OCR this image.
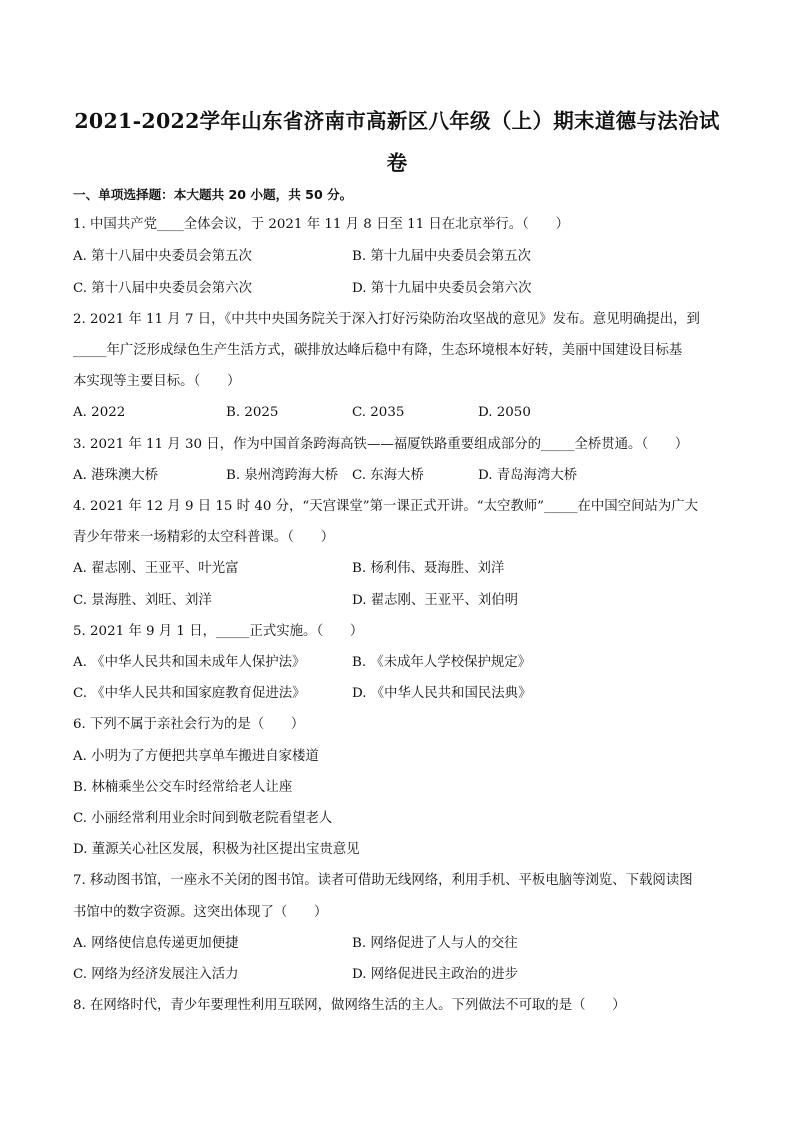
2021-2022学年山东省济南市高新区八年级（上）期末道德与法治试
卷
一、单项选择题：本大题共 20 小题，共 50 分。
1. 中国共产党____全体会议，于 2021 年 11 月 8 日至 11 日在北京举行。（　　）
A. 第十八届中央委员会第五次	B. 第十九届中央委员会第五次
C. 第十八届中央委员会第六次	D. 第十九届中央委员会第六次
2. 2021 年 11 月 7 日，《中共中央国务院关于深入打好污染防治攻坚战的意见》发布。意见明确提出，到
_____年广泛形成绿色生产生活方式，碳排放达峰后稳中有降，生态环境根本好转，美丽中国建设目标基
本实现等主要目标。（　　）
A. 2022	B. 2025	C. 2035	D. 2050
3. 2021 年 11 月 30 日，作为中国首条跨海高铁——福厦铁路重要组成部分的_____全桥贯通。（　　）
A. 港珠澳大桥	B. 泉州湾跨海大桥 C. 东海大桥	D. 青岛海湾大桥
4. 2021 年 12 月 9 日 15 时 40 分，“天宫课堂”第一课正式开讲。“太空教师”_____在中国空间站为广大
青少年带来一场精彩的太空科普课。（　　）
A. 翟志刚、王亚平、叶光富	B. 杨利伟、聂海胜、刘洋
C. 景海胜、刘旺、刘洋	D. 翟志刚、王亚平、刘伯明
5. 2021 年 9 月 1 日，_____正式实施。（　　）
A. 《中华人民共和国未成年人保护法》	B. 《未成年人学校保护规定》
C. 《中华人民共和国家庭教育促进法》	D. 《中华人民共和国民法典》
6. 下列不属于亲社会行为的是（　　）
A. 小明为了方便把共享单车搬进自家楼道
B. 林楠乘坐公交车时经常给老人让座
C. 小丽经常利用业余时间到敬老院看望老人
D. 董源关心社区发展，积极为社区提出宝贵意见
7. 移动图书馆，一座永不关闭的图书馆。读者可借助无线网络，利用手机、平板电脑等浏览、下载阅读图
书馆中的数字资源。这突出体现了（　　）
A. 网络使信息传递更加便捷	B. 网络促进了人与人的交往
C. 网络为经济发展注入活力	D. 网络促进民主政治的进步
8. 在网络时代，青少年要理性利用互联网，做网络生活的主人。下列做法不可取的是（　　）
